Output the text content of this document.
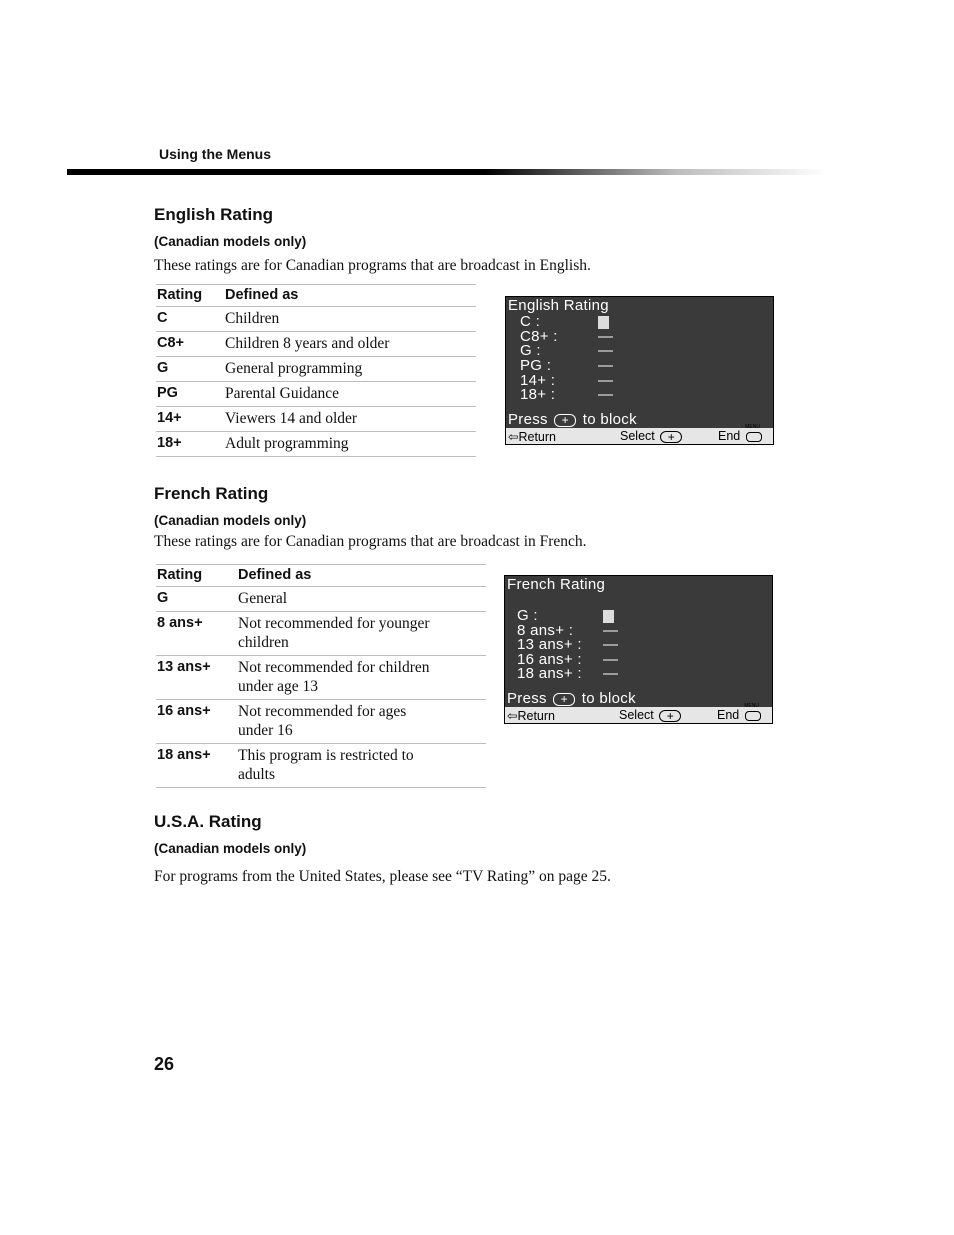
Using the Menus
English Rating
(Canadian models only)
These ratings are for Canadian programs that are broadcast in English.
Rating	Defined as
C	Children
C8+	Children 8 years and older
G	General programming
PG	Parental Guidance
14+	Viewers 14 and older
18+	Adult programming
English Rating
C :
C8+ :	—
G :	—
PG :	—
14+ :	—
18+ :	—
Press + to block
⇦Return	Select +	EndMENU
French Rating
(Canadian models only)
These ratings are for Canadian programs that are broadcast in French.
Rating	Defined as
G	General
8 ans+	Not recommended for younger children
13 ans+	Not recommended for children under age 13
16 ans+	Not recommended for ages under 16
18 ans+	This program is restricted to adults
French Rating
G :
8 ans+ : —
13 ans+ : —
16 ans+ : —
18 ans+ : —
Press + to block
⇦Return	Select +	EndMENU
U.S.A. Rating
(Canadian models only)
For programs from the United States, please see “TV Rating” on page 25.
26
